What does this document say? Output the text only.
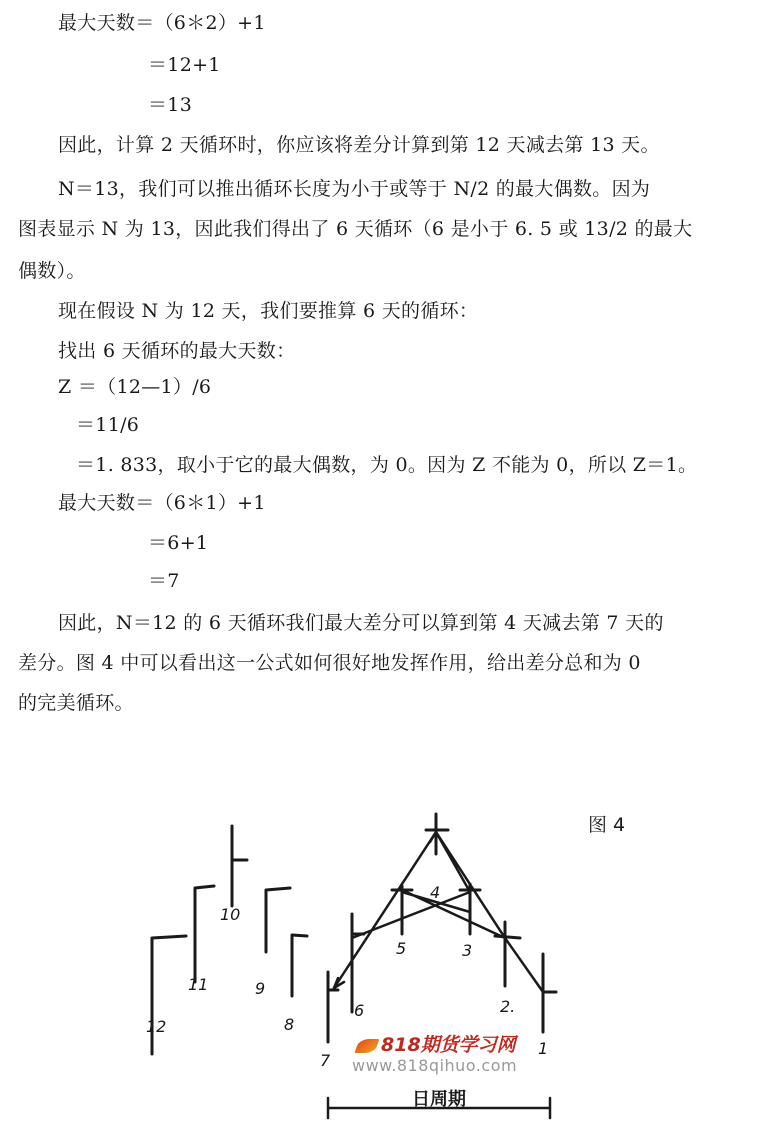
最大天数＝（6＊2）+1
＝12+1
＝13
因此，计算 2 天循环时，你应该将差分计算到第 12 天减去第 13 天。
N＝13，我们可以推出循环长度为小于或等于 N/2 的最大偶数。因为
图表显示 N 为 13，因此我们得出了 6 天循环（6 是小于 6. 5 或 13/2 的最大
偶数）。
现在假设 N 为 12 天，我们要推算 6 天的循环：
找出 6 天循环的最大天数：
Z ＝（12—1）/6
＝11/6
＝1. 833，取小于它的最大偶数，为 0。因为 Z 不能为 0，所以 Z＝1。
最大天数＝（6＊1）+1
＝6+1
＝7
因此，N＝12 的 6 天循环我们最大差分可以算到第 4 天减去第 7 天的
差分。图 4 中可以看出这一公式如何很好地发挥作用，给出差分总和为 0
的完美循环。
图 4
12
11
10
9
8
7
6
5
4
3
2.
1
818期货学习网
www.818qihuo.com
日周期
